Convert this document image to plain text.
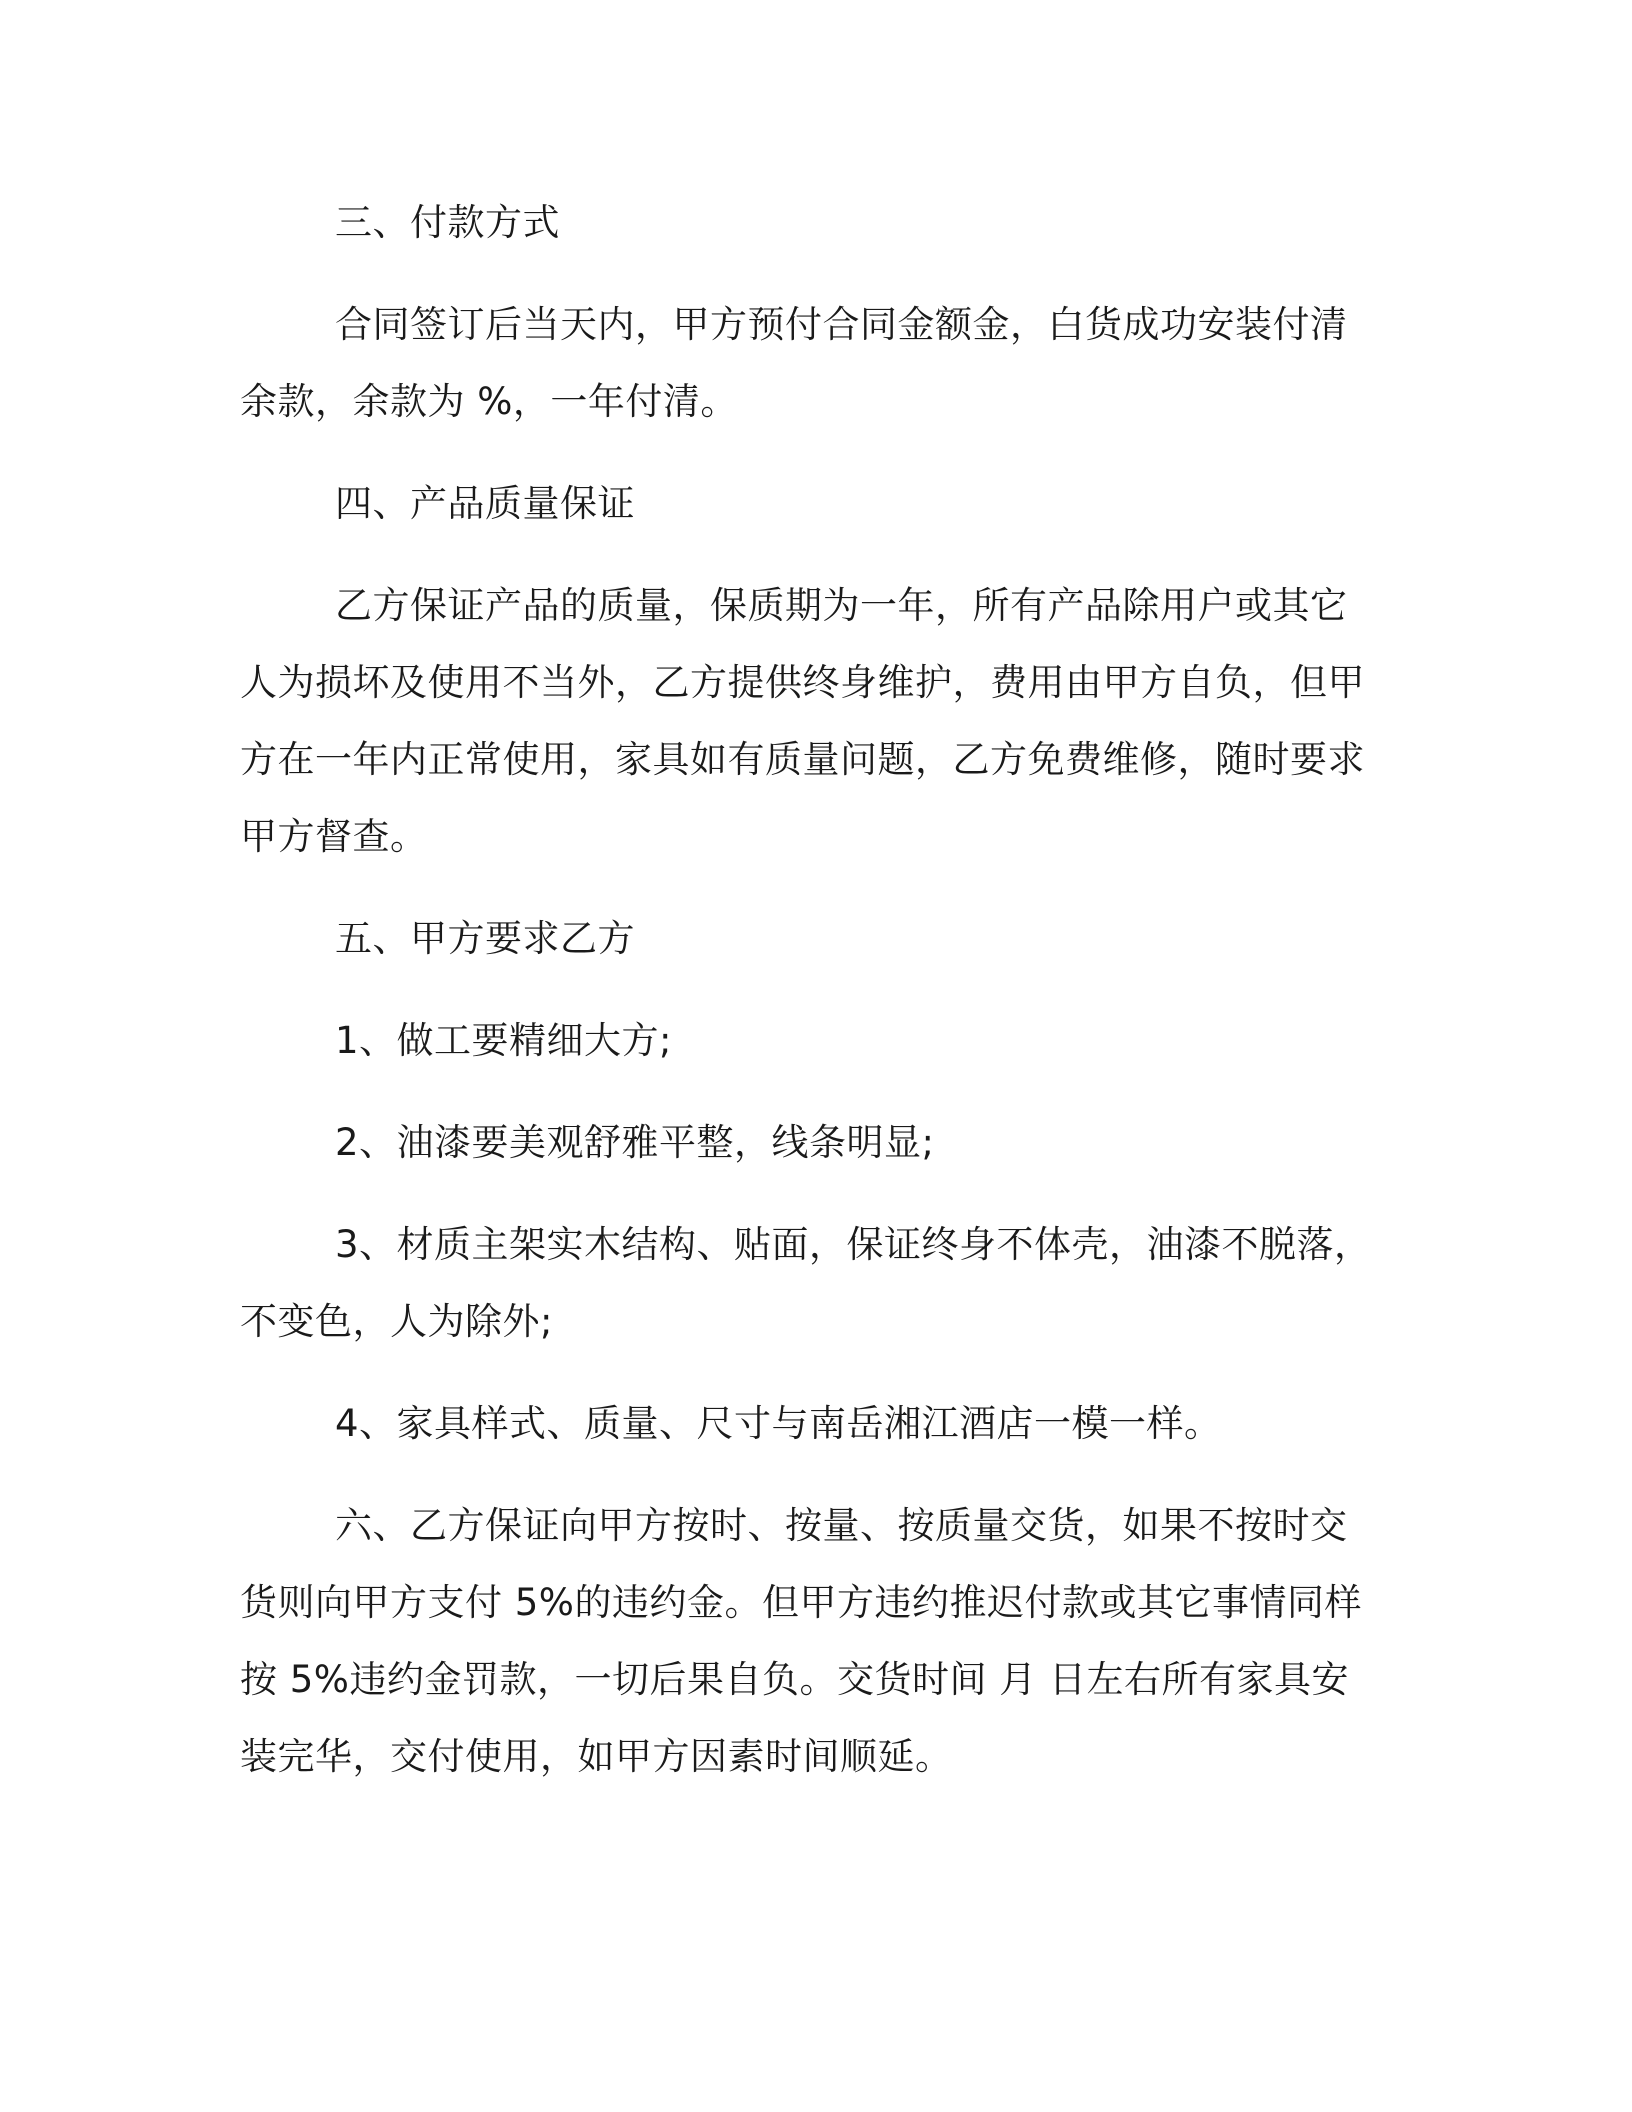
三、付款方式

合同签订后当天内，甲方预付合同金额金，白货成功安装付清余款，余款为 %，一年付清。

四、产品质量保证

乙方保证产品的质量，保质期为一年，所有产品除用户或其它人为损坏及使用不当外，乙方提供终身维护，费用由甲方自负，但甲方在一年内正常使用，家具如有质量问题，乙方免费维修，随时要求甲方督查。

五、甲方要求乙方

1、做工要精细大方;

2、油漆要美观舒雅平整，线条明显;

3、材质主架实木结构、贴面，保证终身不体壳，油漆不脱落，不变色，人为除外;

4、家具样式、质量、尺寸与南岳湘江酒店一模一样。

六、乙方保证向甲方按时、按量、按质量交货，如果不按时交货则向甲方支付 5%的违约金。但甲方违约推迟付款或其它事情同样按 5%违约金罚款，一切后果自负。交货时间 月 日左右所有家具安装完华，交付使用，如甲方因素时间顺延。
